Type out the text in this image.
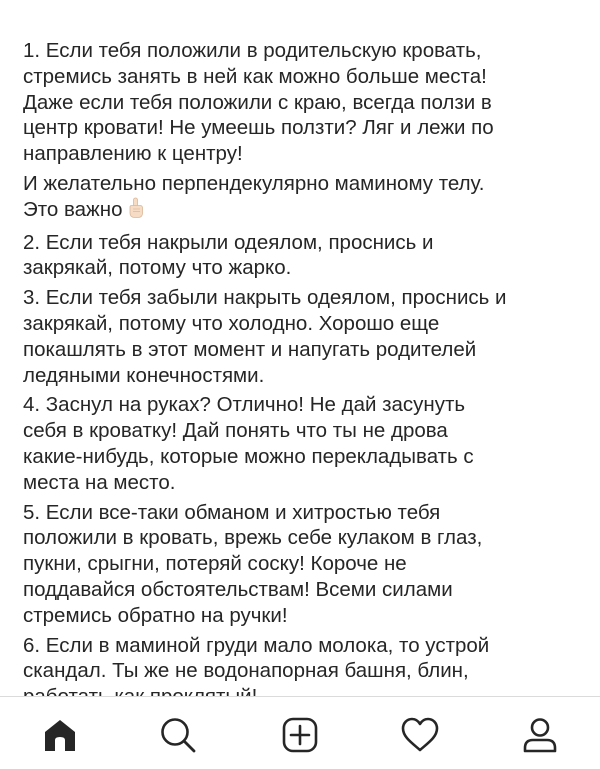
1. Если тебя положили в родительскую кровать,
стремись занять в ней как можно больше места!
Даже если тебя положили с краю, всегда ползи в
центр кровати! Не умеешь ползти? Ляг и лежи по
направлению к центру!
И желательно перпендекулярно маминому телу.
Это важно
2. Если тебя накрыли одеялом, проснись и
закрякай, потому что жарко.
3. Если тебя забыли накрыть одеялом, проснись и
закрякай, потому что холодно. Хорошо еще
покашлять в этот момент и напугать родителей
ледяными конечностями.
4. Заснул на руках? Отлично! Не дай засунуть
себя в кроватку! Дай понять что ты не дрова
какие-нибудь, которые можно перекладывать с
места на место.
5. Если все-таки обманом и хитростью тебя
положили в кровать, врежь себе кулаком в глаз,
пукни, срыгни, потеряй соску! Короче не
поддавайся обстоятельствам! Всеми силами
стремись обратно на ручки!
6. Если в маминой груди мало молока, то устрой
скандал. Ты же не водонапорная башня, блин,
